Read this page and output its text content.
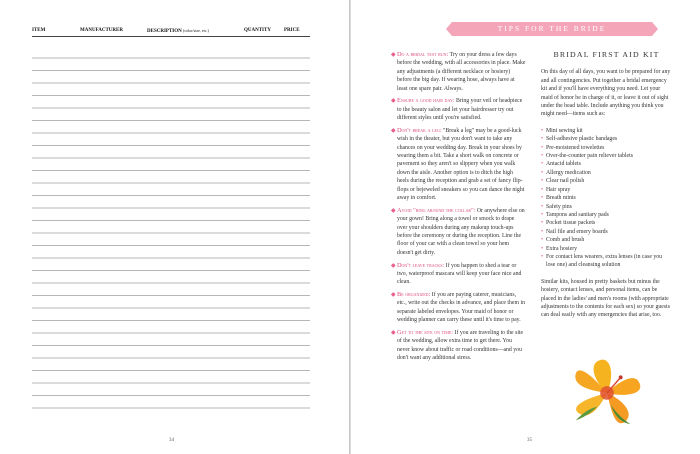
ITEM	MANUFACTURER	DESCRIPTION (color/size, etc.)	QUANTITY	PRICE
34	35
TIPS FOR THE BRIDE
◆ Do a bridal test run: Try on your dress a few days before the wedding, with all accessories in place. Make any adjustments (a different necklace or hosiery) before the big day. If wearing hose, always have at least one spare pair. Always.
◆ Ensure a good hair day: Bring your veil or headpiece to the beauty salon and let your hairdresser try out different styles until you're satisfied.
◆ Don't break a leg: "Break a leg" may be a good-luck wish in the theater, but you don't want to take any chances on your wedding day. Break in your shoes by wearing them a bit. Take a short walk on concrete or pavement so they aren't so slippery when you walk down the aisle. Another option is to ditch the high heels during the reception and grab a set of fancy flip-flops or bejeweled sneakers so you can dance the night away in comfort.
◆ Avoid "ring around the collar": Or anywhere else on your gown! Bring along a towel or smock to drape over your shoulders during any makeup touch-ups before the ceremony or during the reception. Line the floor of your car with a clean towel so your hem doesn't get dirty.
◆ Don't leave tracks: If you happen to shed a tear or two, waterproof mascara will keep your face nice and clean.
◆ Be organized: If you are paying caterer, musicians, etc., write out the checks in advance, and place them in separate labeled envelopes. Your maid of honor or wedding planner can carry these until it's time to pay.
◆ Get to the site on time: If you are traveling to the site of the wedding, allow extra time to get there. You never know about traffic or road conditions—and you don't want any additional stress.
BRIDAL FIRST AID KIT
On this day of all days, you want to be prepared for any and all contingencies. Put together a bridal emergency kit and if you'll have everything you need. Let your maid of honor be in charge of it, or leave it out of sight under the head table. Include anything you think you might need—items such as:
• Mini sewing kit
• Self-adhesive plastic bandages
• Pre-moistened towelettes
• Over-the-counter pain reliever tablets
• Antacid tablets
• Allergy medication
• Clear nail polish
• Hair spray
• Breath mints
• Safety pins
• Tampons and sanitary pads
• Pocket tissue packets
• Nail file and emery boards
• Comb and brush
• Extra hosiery
• For contact lens wearers, extra lenses (in case you lose one) and cleansing solution
Similar kits, housed in pretty baskets but minus the hosiery, contact lenses, and personal items, can be placed in the ladies' and men's rooms (with appropriate adjustments to the contents for each sex) so your guests can deal easily with any emergencies that arise, too.
